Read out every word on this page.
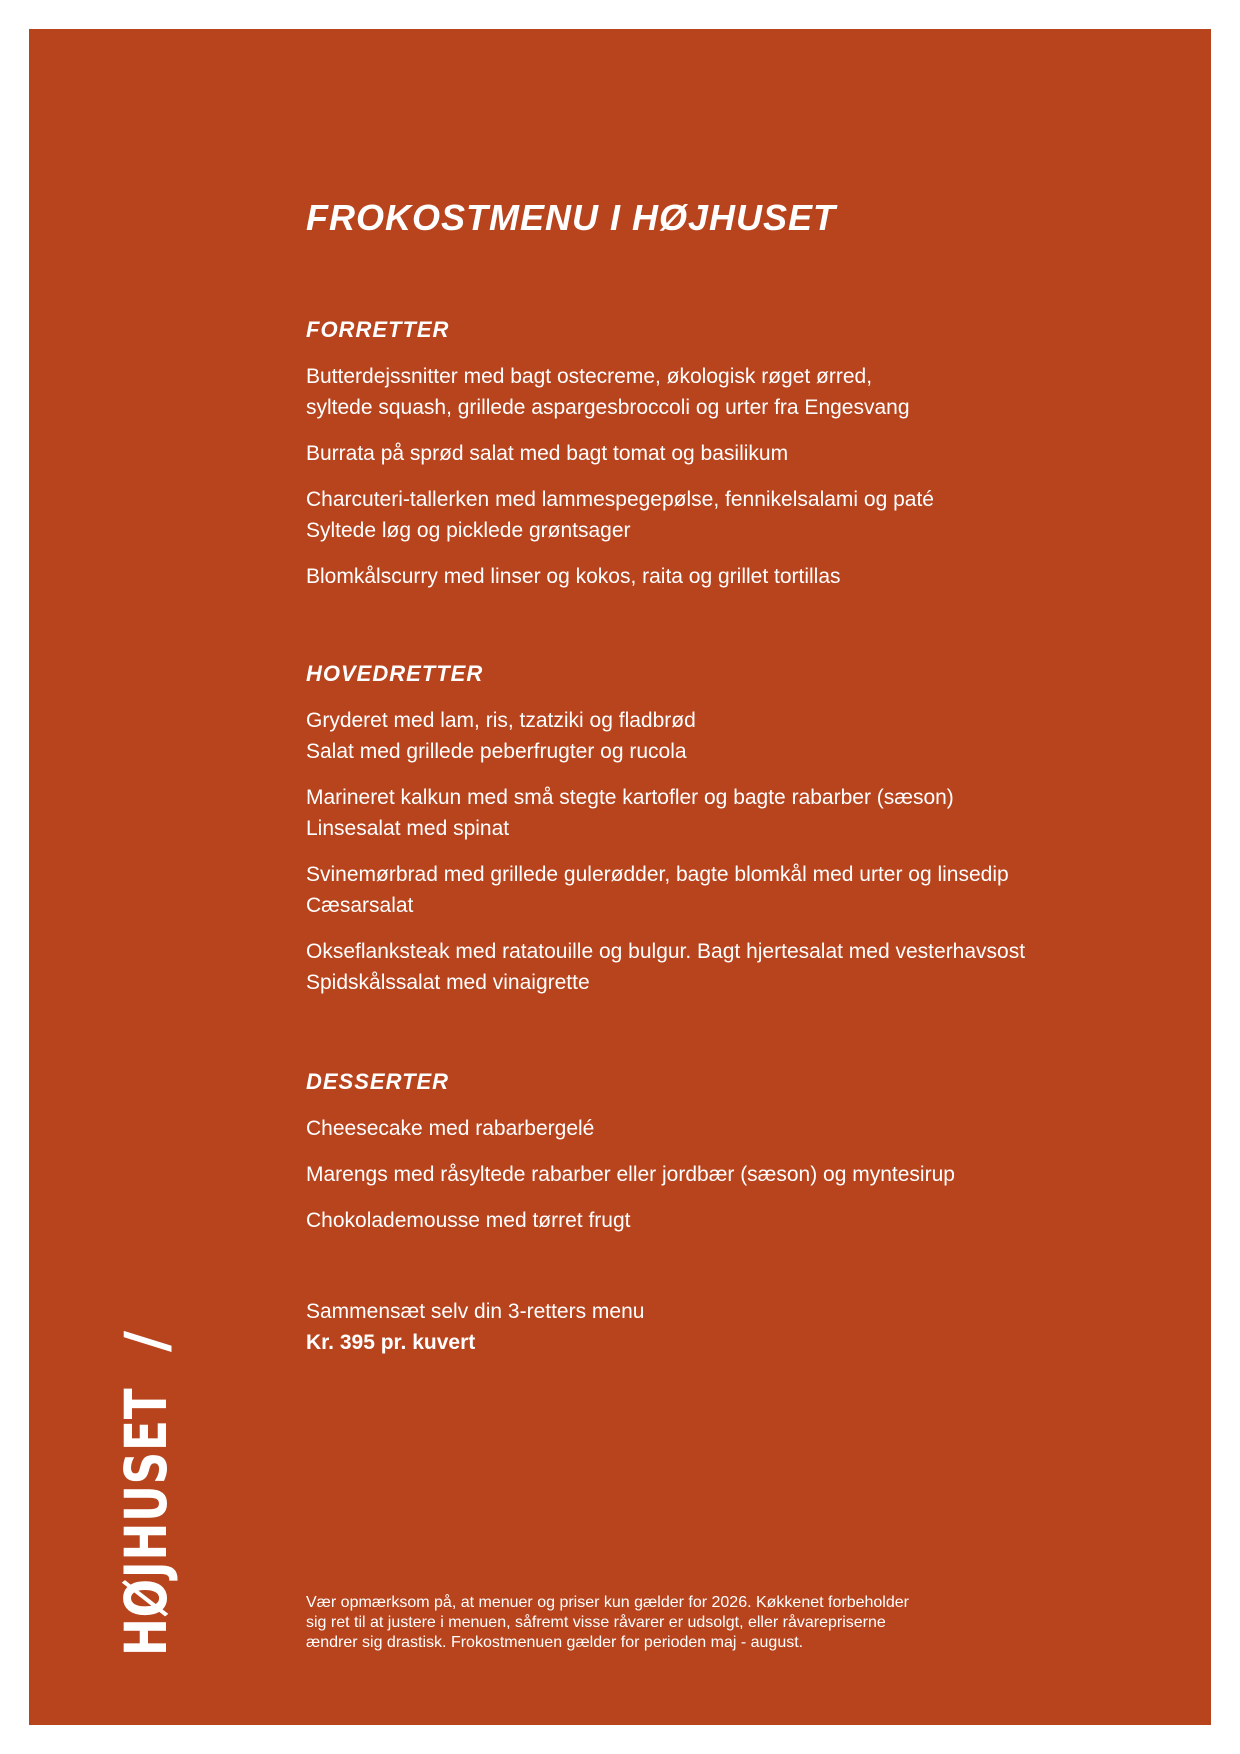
FROKOSTMENU I HØJHUSET
FORRETTER
Butterdejssnitter med bagt ostecreme, økologisk røget ørred,
syltede squash, grillede aspargesbroccoli og urter fra Engesvang
Burrata på sprød salat med bagt tomat og basilikum
Charcuteri-tallerken med lammespegepølse, fennikelsalami og paté
Syltede løg og picklede grøntsager
Blomkålscurry med linser og kokos, raita og grillet tortillas
HOVEDRETTER
Gryderet med lam, ris, tzatziki og fladbrød
Salat med grillede peberfrugter og rucola
Marineret kalkun med små stegte kartofler og bagte rabarber (sæson)
Linsesalat med spinat
Svinemørbrad med grillede gulerødder, bagte blomkål med urter og linsedip
Cæsarsalat
Okseflanksteak med ratatouille og bulgur. Bagt hjertesalat med vesterhavsost
Spidskålssalat med vinaigrette
DESSERTER
Cheesecake med rabarbergelé
Marengs med råsyltede rabarber eller jordbær (sæson) og myntesirup
Chokolademousse med tørret frugt
Sammensæt selv din 3-retters menu
Kr. 395 pr. kuvert
Vær opmærksom på, at menuer og priser kun gælder for 2026. Køkkenet forbeholder
sig ret til at justere i menuen, såfremt visse råvarer er udsolgt, eller råvarepriserne
ændrer sig drastisk. Frokostmenuen gælder for perioden maj - august.
HØJHUSET/
